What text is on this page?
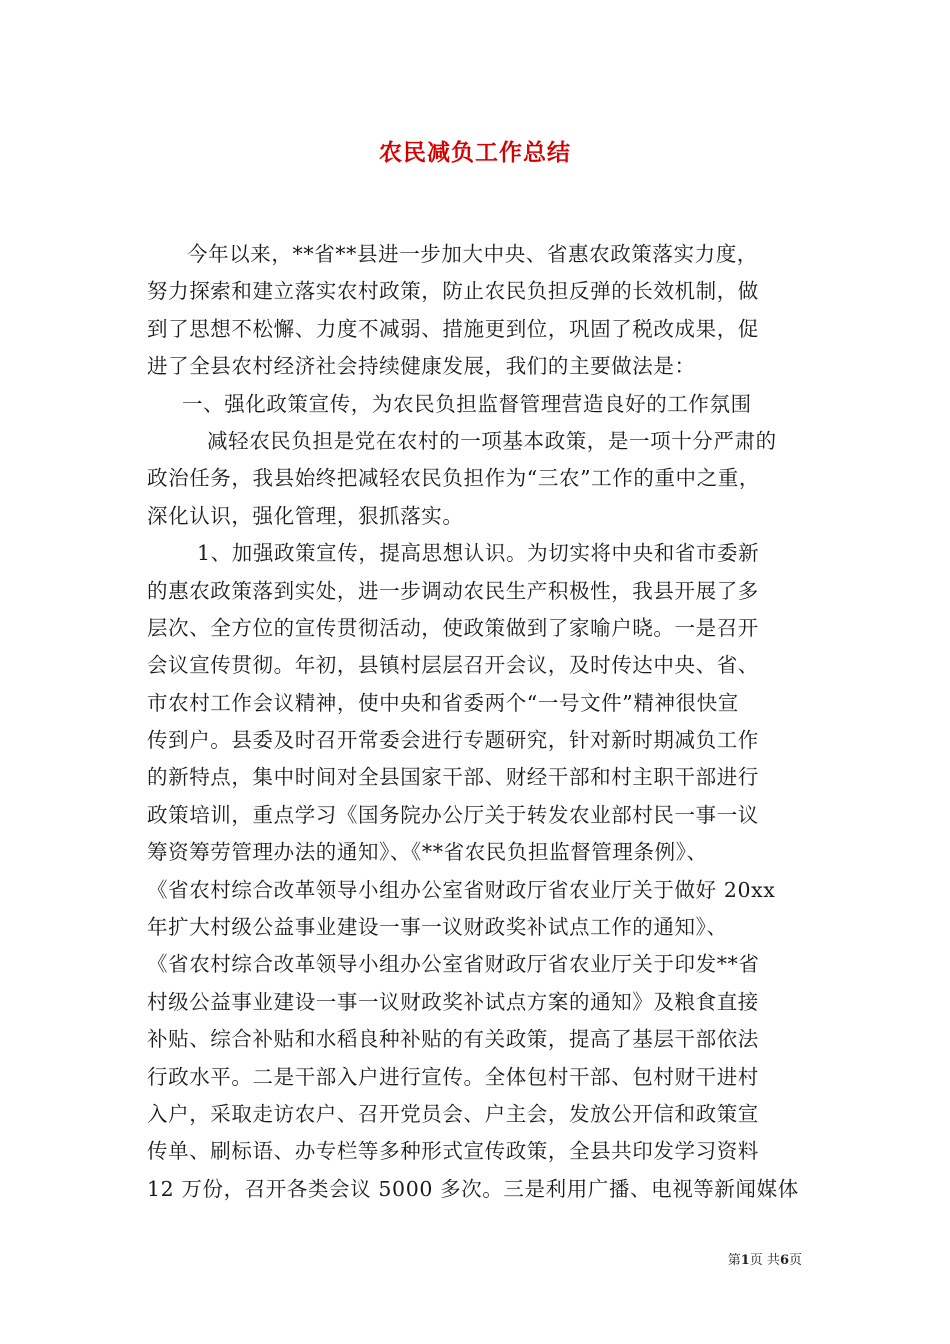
农民减负工作总结

今年以来，**省**县进一步加大中央、省惠农政策落实力度，

努力探索和建立落实农村政策，防止农民负担反弹的长效机制，做

到了思想不松懈、力度不减弱、措施更到位，巩固了税改成果，促

进了全县农村经济社会持续健康发展，我们的主要做法是：

一、强化政策宣传，为农民负担监督管理营造良好的工作氛围

减轻农民负担是党在农村的一项基本政策，是一项十分严肃的

政治任务，我县始终把减轻农民负担作为“三农”工作的重中之重，

深化认识，强化管理，狠抓落实。

1、加强政策宣传，提高思想认识。为切实将中央和省市委新

的惠农政策落到实处，进一步调动农民生产积极性，我县开展了多

层次、全方位的宣传贯彻活动，使政策做到了家喻户晓。一是召开

会议宣传贯彻。年初，县镇村层层召开会议，及时传达中央、省、

市农村工作会议精神，使中央和省委两个“一号文件”精神很快宣

传到户。县委及时召开常委会进行专题研究，针对新时期减负工作

的新特点，集中时间对全县国家干部、财经干部和村主职干部进行

政策培训，重点学习《国务院办公厅关于转发农业部村民一事一议

筹资筹劳管理办法的通知》、《**省农民负担监督管理条例》、

《省农村综合改革领导小组办公室省财政厅省农业厅关于做好 20xx

年扩大村级公益事业建设一事一议财政奖补试点工作的通知》、

《省农村综合改革领导小组办公室省财政厅省农业厅关于印发**省

村级公益事业建设一事一议财政奖补试点方案的通知》及粮食直接

补贴、综合补贴和水稻良种补贴的有关政策，提高了基层干部依法

行政水平。二是干部入户进行宣传。全体包村干部、包村财干进村

入户，采取走访农户、召开党员会、户主会，发放公开信和政策宣

传单、刷标语、办专栏等多种形式宣传政策，全县共印发学习资料

12 万份，召开各类会议 5000 多次。三是利用广播、电视等新闻媒体

第1页 共6页
